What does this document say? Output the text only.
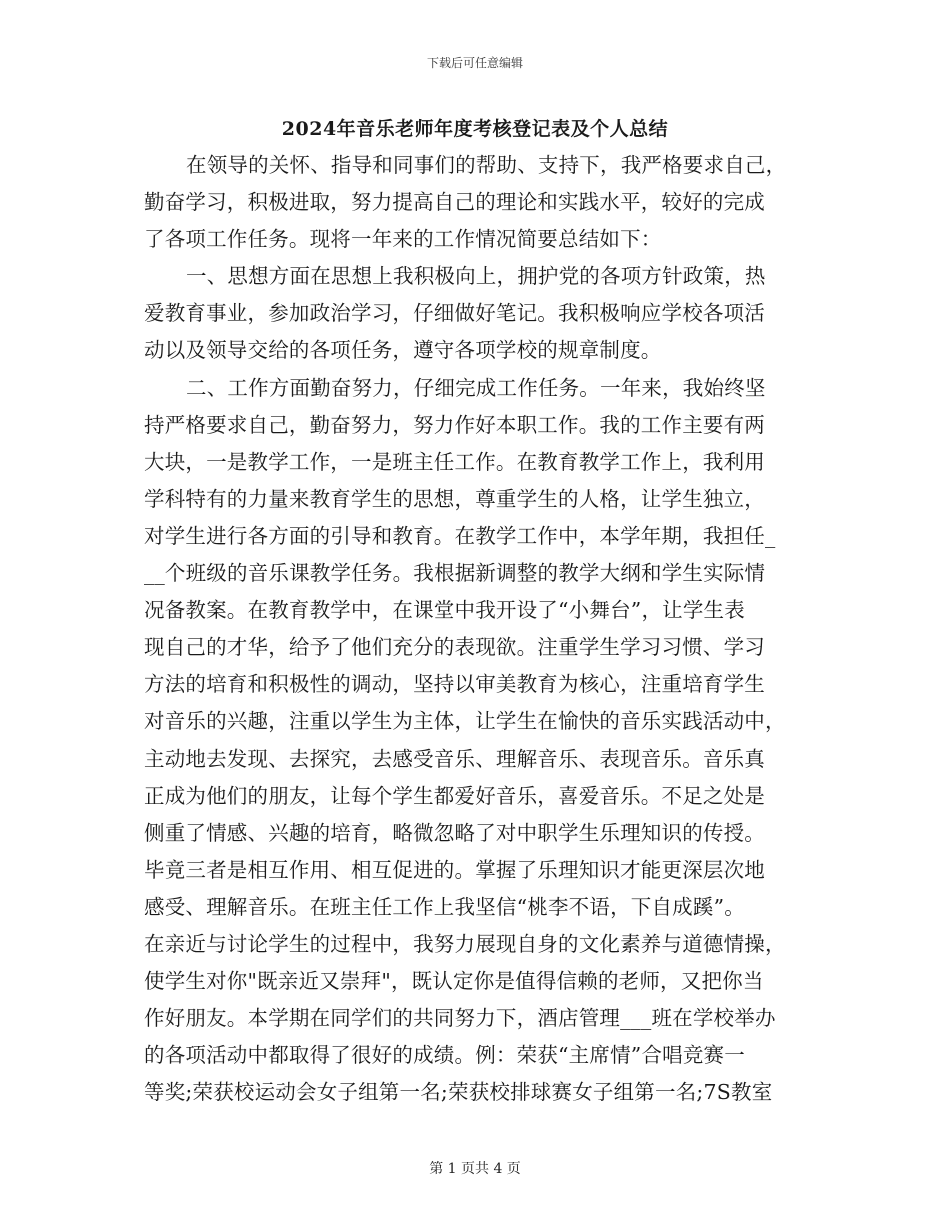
下载后可任意编辑
2024年音乐老师年度考核登记表及个人总结
在领导的关怀、指导和同事们的帮助、支持下，我严格要求自己，
勤奋学习，积极进取，努力提高自己的理论和实践水平，较好的完成
了各项工作任务。现将一年来的工作情况简要总结如下：
一、思想方面在思想上我积极向上，拥护党的各项方针政策，热
爱教育事业，参加政治学习，仔细做好笔记。我积极响应学校各项活
动以及领导交给的各项任务，遵守各项学校的规章制度。
二、工作方面勤奋努力，仔细完成工作任务。一年来，我始终坚
持严格要求自己，勤奋努力，努力作好本职工作。我的工作主要有两
大块，一是教学工作，一是班主任工作。在教育教学工作上，我利用
学科特有的力量来教育学生的思想，尊重学生的人格，让学生独立，
对学生进行各方面的引导和教育。在教学工作中，本学年期，我担任_
__个班级的音乐课教学任务。我根据新调整的教学大纲和学生实际情
况备教案。在教育教学中，在课堂中我开设了“小舞台”，让学生表
现自己的才华，给予了他们充分的表现欲。注重学生学习习惯、学习
方法的培育和积极性的调动，坚持以审美教育为核心，注重培育学生
对音乐的兴趣，注重以学生为主体，让学生在愉快的音乐实践活动中，
主动地去发现、去探究，去感受音乐、理解音乐、表现音乐。音乐真
正成为他们的朋友，让每个学生都爱好音乐，喜爱音乐。不足之处是
侧重了情感、兴趣的培育，略微忽略了对中职学生乐理知识的传授。
毕竟三者是相互作用、相互促进的。掌握了乐理知识才能更深层次地
感受、理解音乐。在班主任工作上我坚信“桃李不语，下自成蹊”。
在亲近与讨论学生的过程中，我努力展现自身的文化素养与道德情操，
使学生对你"既亲近又崇拜"，既认定你是值得信赖的老师，又把你当
作好朋友。本学期在同学们的共同努力下，酒店管理___班在学校举办
的各项活动中都取得了很好的成绩。例：荣获“主席情”合唱竞赛一
等奖;荣获校运动会女子组第一名;荣获校排球赛女子组第一名;7S教室
第 1 页共 4 页
